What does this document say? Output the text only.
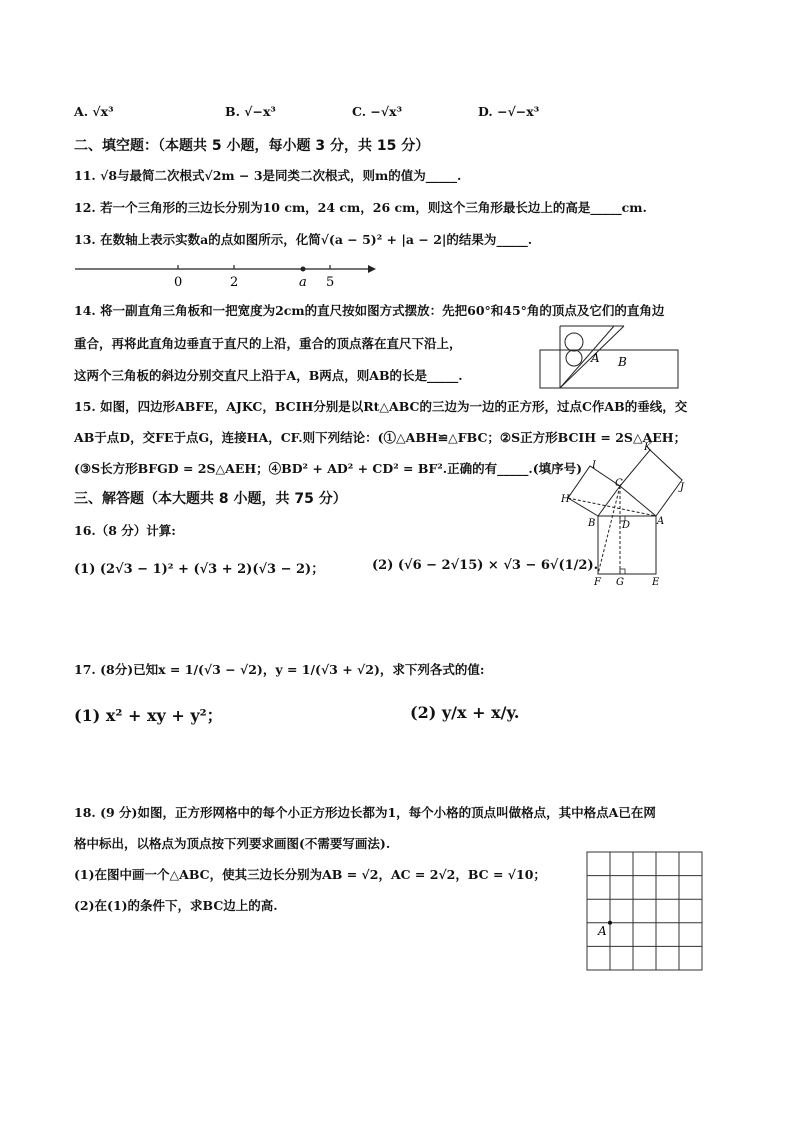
A. √x³	B. √−x³	C. −√x³	D. −√−x³
二、填空题：（本题共 5 小题，每小题 3 分，共 15 分）
11. √8与最简二次根式√2m − 3是同类二次根式，则m的值为_____.
12. 若一个三角形的三边长分别为10 cm，24 cm，26 cm，则这个三角形最长边上的高是_____cm.
13. 在数轴上表示实数a的点如图所示，化简√(a − 5)² + |a − 2|的结果为_____.
0	2	a 5
14. 将一副直角三角板和一把宽度为2cm的直尺按如图方式摆放：先把60°和45°角的顶点及它们的直角边
重合，再将此直角边垂直于直尺的上沿，重合的顶点落在直尺下沿上，
这两个三角板的斜边分别交直尺上沿于A，B两点，则AB的长是_____.
A B
15. 如图，四边形ABFE，AJKC，BCIH分别是以Rt△ABC的三边为一边的正方形，过点C作AB的垂线，交
AB于点D，交FE于点G，连接HA，CF.则下列结论：(①△ABH≌△FBC；②S正方形BCIH = 2S△AEH；
(③S长方形BFGD = 2S△AEH；④BD² + AD² + CD² = BF².正确的有_____.(填序号)
K
I
C	J
H
B	D	A
F G	E
三、解答题（本大题共 8 小题，共 75 分）
16.（8 分）计算:
(1) (2√3 − 1)² + (√3 + 2)(√3 − 2)；	(2) (√6 − 2√15) × √3 − 6√(1/2).
17. (8分)已知x = 1/(√3 − √2)，y = 1/(√3 + √2)，求下列各式的值:
(1) x² + xy + y²；	(2) y/x + x/y.
18. (9 分)如图，正方形网格中的每个小正方形边长都为1，每个小格的顶点叫做格点，其中格点A已在网
格中标出，以格点为顶点按下列要求画图(不需要写画法).
(1)在图中画一个△ABC，使其三边长分别为AB = √2，AC = 2√2，BC = √10；
(2)在(1)的条件下，求BC边上的高.
A
